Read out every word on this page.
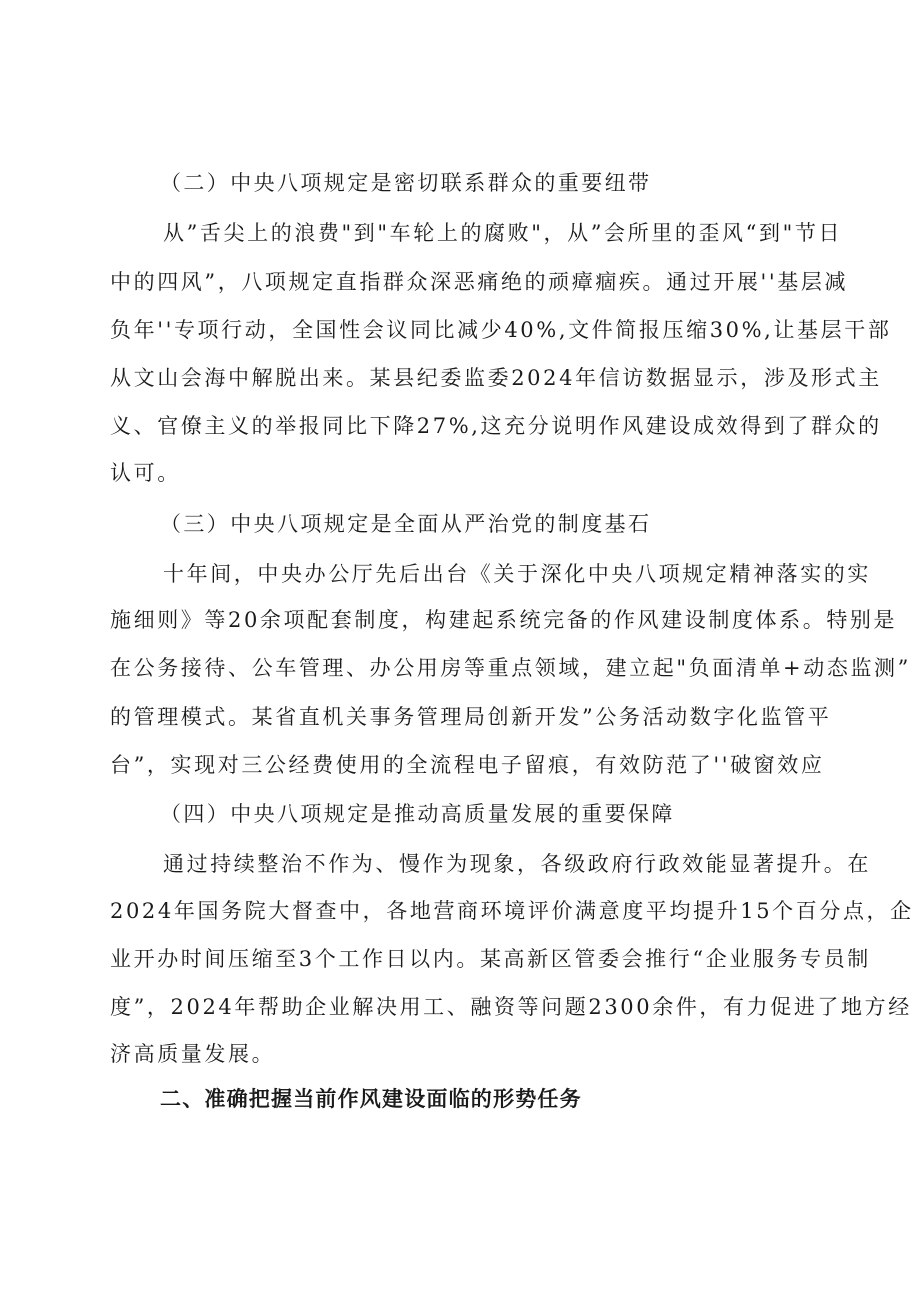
（二）中央八项规定是密切联系群众的重要纽带
从”舌尖上的浪费"到"车轮上的腐败"，从”会所里的歪风“到"节日
中的四风”，八项规定直指群众深恶痛绝的顽瘴痼疾。通过开展''基层减
负年''专项行动，全国性会议同比减少40%,文件简报压缩30%,让基层干部
从文山会海中解脱出来。某县纪委监委2024年信访数据显示，涉及形式主
义、官僚主义的举报同比下降27%,这充分说明作风建设成效得到了群众的
认可。
（三）中央八项规定是全面从严治党的制度基石
十年间，中央办公厅先后出台《关于深化中央八项规定精神落实的实
施细则》等20余项配套制度，构建起系统完备的作风建设制度体系。特别是
在公务接待、公车管理、办公用房等重点领域，建立起"负面清单+动态监测”
的管理模式。某省直机关事务管理局创新开发”公务活动数字化监管平
台”，实现对三公经费使用的全流程电子留痕，有效防范了''破窗效应
（四）中央八项规定是推动高质量发展的重要保障
通过持续整治不作为、慢作为现象，各级政府行政效能显著提升。在
2024年国务院大督查中，各地营商环境评价满意度平均提升15个百分点，企
业开办时间压缩至3个工作日以内。某高新区管委会推行“企业服务专员制
度”，2024年帮助企业解决用工、融资等问题2300余件，有力促进了地方经
济高质量发展。
二、准确把握当前作风建设面临的形势任务
